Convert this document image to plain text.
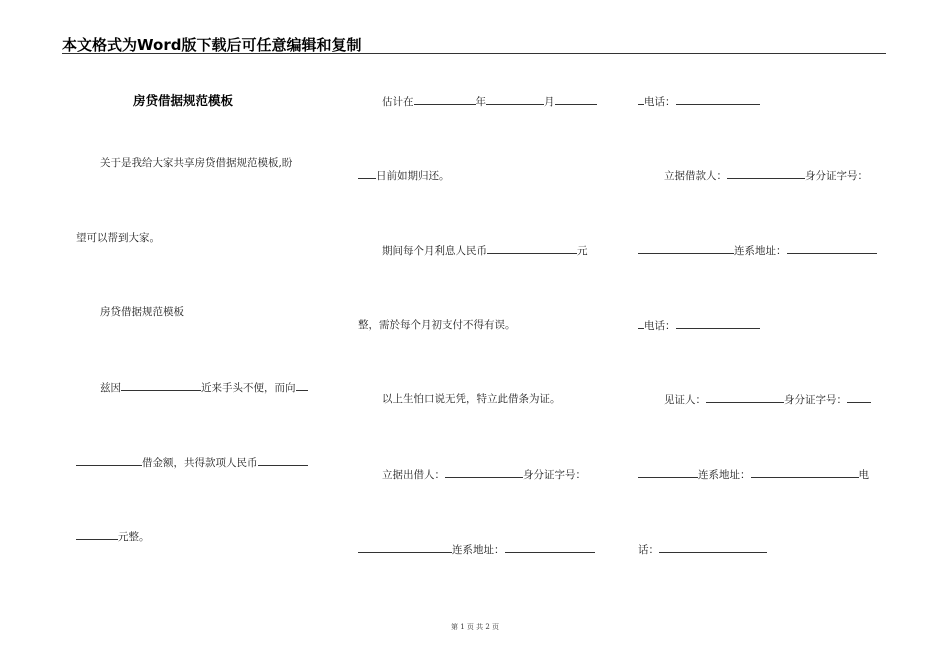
本文格式为Word版下载后可任意编辑和复制
房贷借据规范模板
关于是我给大家共享房贷借据规范模板,盼
望可以帮到大家。
房贷借据规范模板
兹因	近来手头不便，而向
借金额，共得款项人民币
元整。
估计在	年	月
日前如期归还。
期间每个月利息人民币	元
整，需於每个月初支付不得有误。
以上生怕口说无凭，特立此借条为证。
立据出借人：	身分证字号：
连系地址：
电话：
立据借款人：	身分证字号：
连系地址：
电话：
见证人：	身分证字号：
连系地址：	电
话：
第 1 页 共 2 页
